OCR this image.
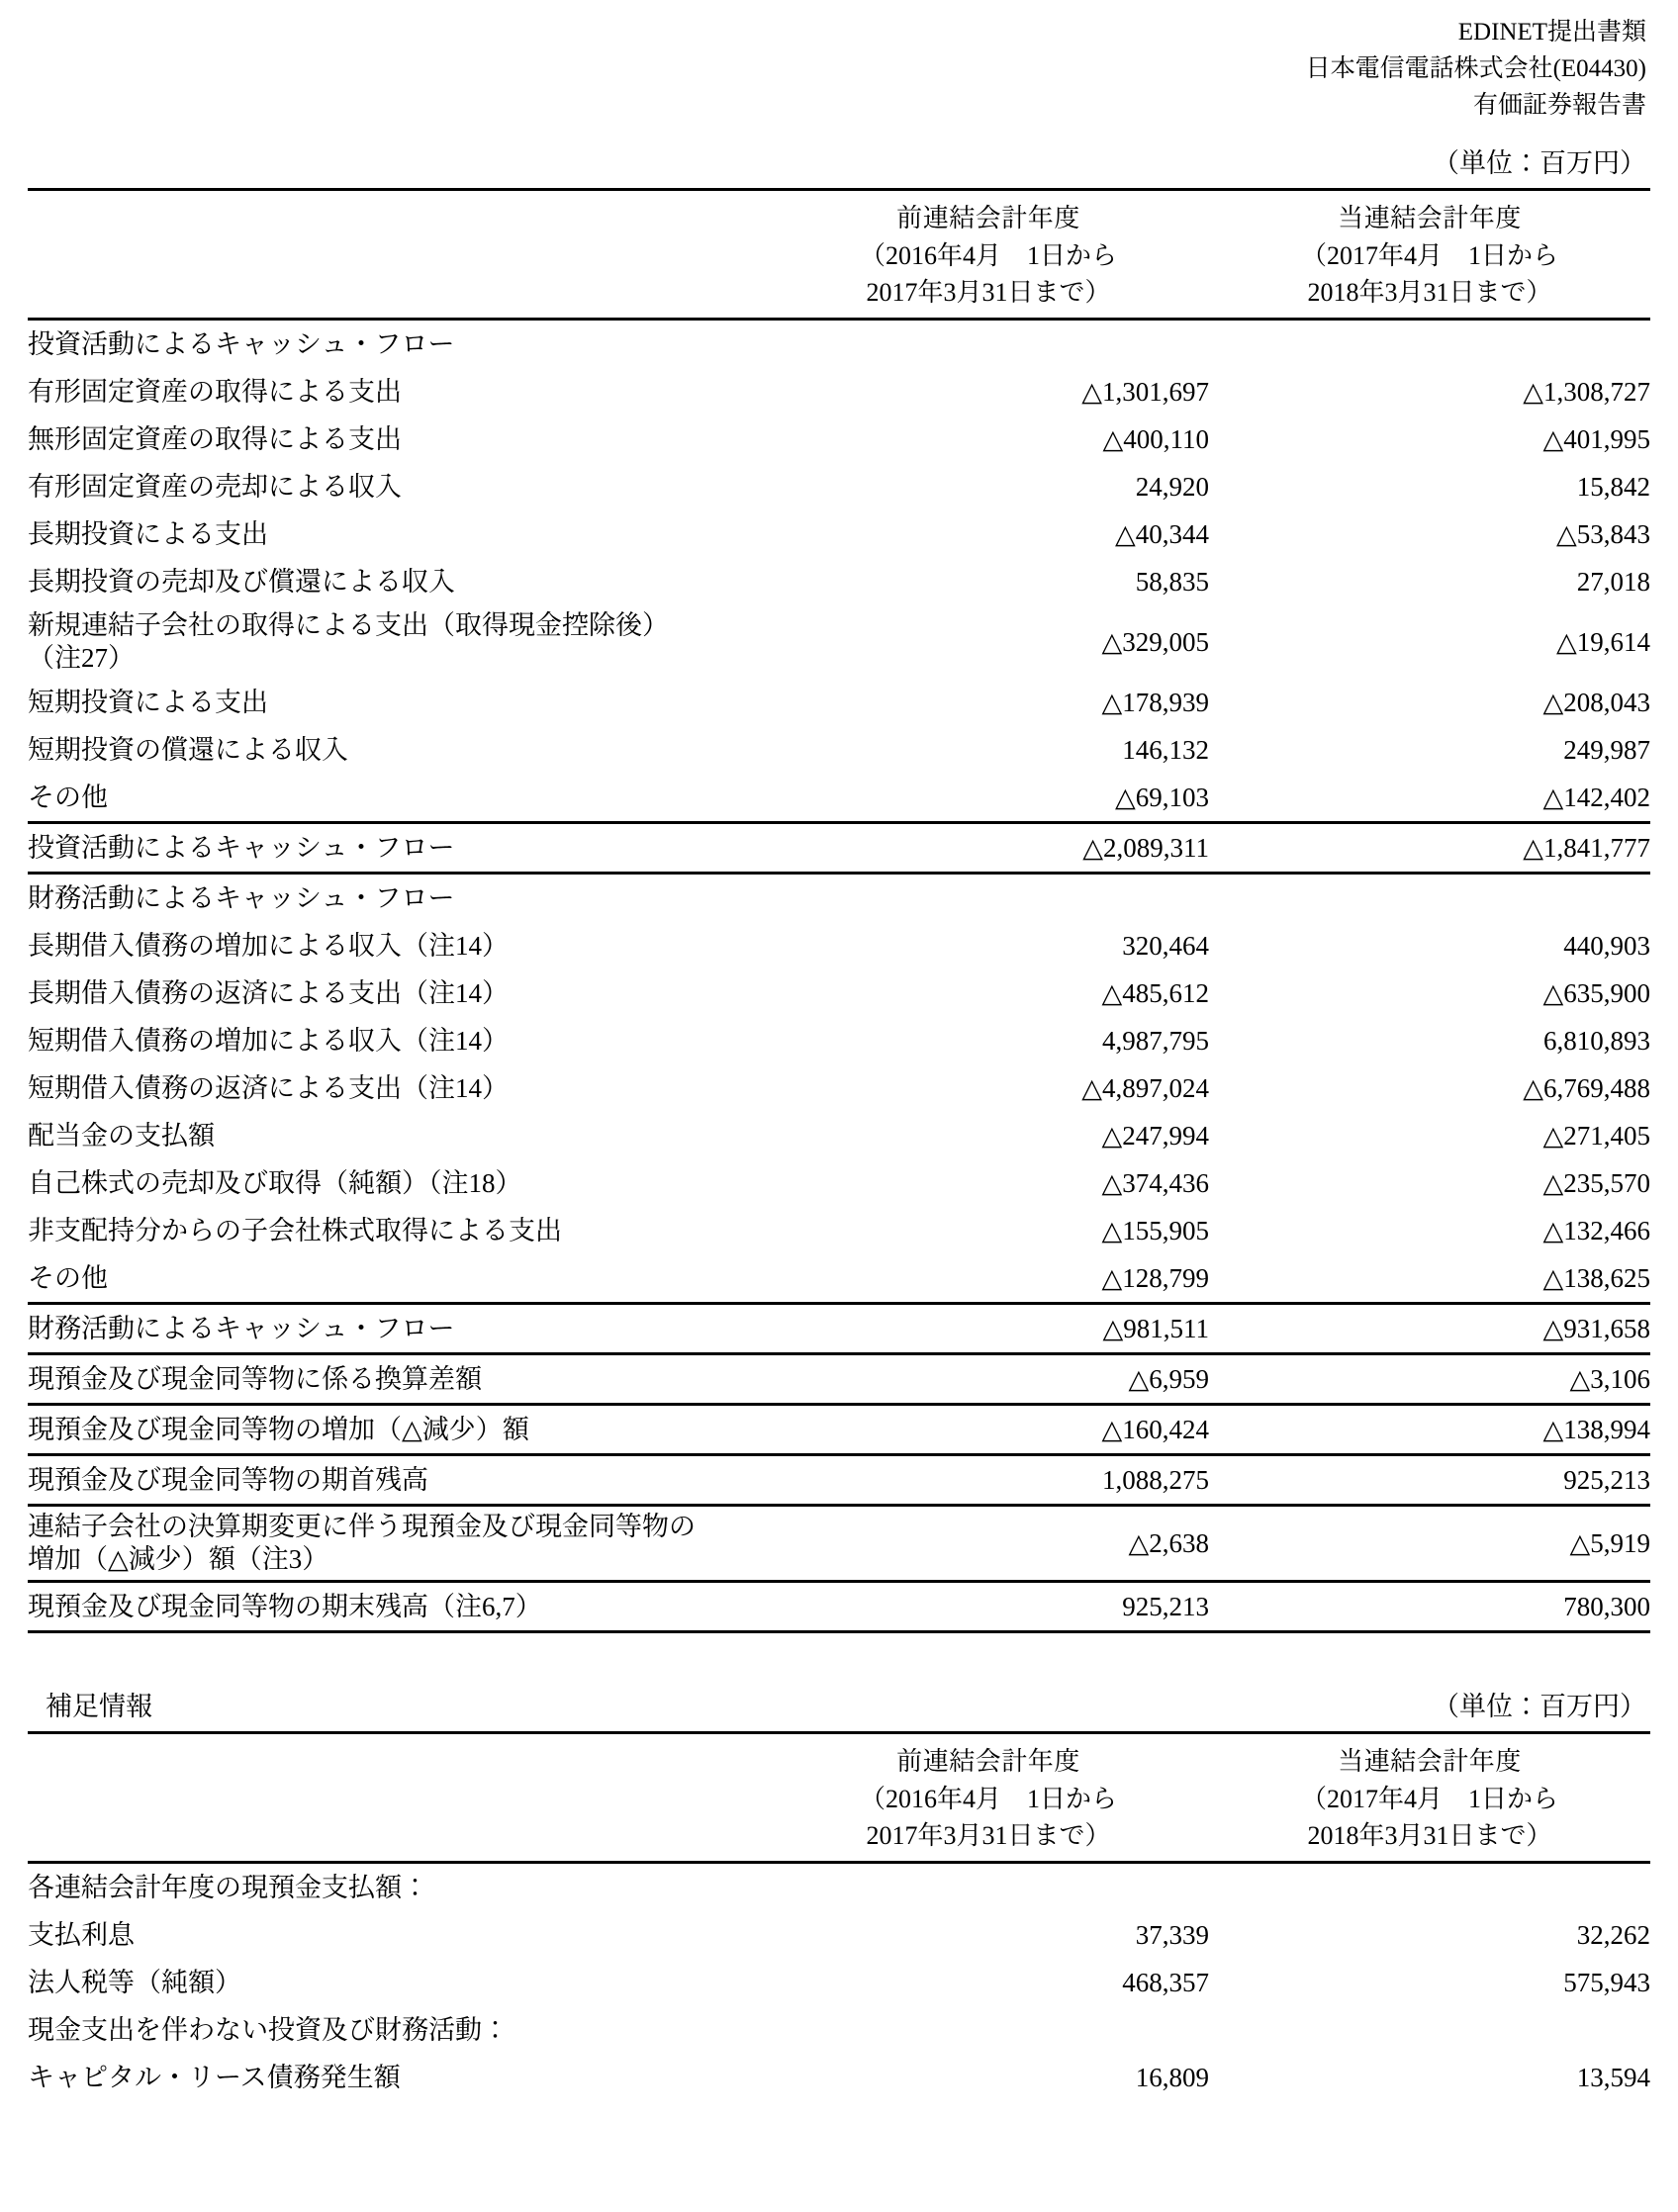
EDINET提出書類
日本電信電話株式会社(E04430)
有価証券報告書
（単位：百万円）

前連結会計年度
（2016年4月　1日から
2017年3月31日まで）

当連結会計年度
（2017年4月　1日から
2018年3月31日まで）

投資活動によるキャッシュ・フロー		
有形固定資産の取得による支出	△1,301,697	△1,308,727
無形固定資産の取得による支出	△400,110	△401,995
有形固定資産の売却による収入	24,920	15,842
長期投資による支出	△40,344	△53,843
長期投資の売却及び償還による収入	58,835	27,018
新規連結子会社の取得による支出（取得現金控除後）
（注27）	△329,005	△19,614
短期投資による支出	△178,939	△208,043
短期投資の償還による収入	146,132	249,987
その他	△69,103	△142,402
投資活動によるキャッシュ・フロー	△2,089,311	△1,841,777
財務活動によるキャッシュ・フロー		
長期借入債務の増加による収入（注14）	320,464	440,903
長期借入債務の返済による支出（注14）	△485,612	△635,900
短期借入債務の増加による収入（注14）	4,987,795	6,810,893
短期借入債務の返済による支出（注14）	△4,897,024	△6,769,488
配当金の支払額	△247,994	△271,405
自己株式の売却及び取得（純額）（注18）	△374,436	△235,570
非支配持分からの子会社株式取得による支出	△155,905	△132,466
その他	△128,799	△138,625
財務活動によるキャッシュ・フロー	△981,511	△931,658
現預金及び現金同等物に係る換算差額	△6,959	△3,106
現預金及び現金同等物の増加（△減少）額	△160,424	△138,994
現預金及び現金同等物の期首残高	1,088,275	925,213
連結子会社の決算期変更に伴う現預金及び現金同等物の
増加（△減少）額（注3）	△2,638	△5,919
現預金及び現金同等物の期末残高（注6,7）	925,213	780,300
補足情報	（単位：百万円）

前連結会計年度
（2016年4月　1日から
2017年3月31日まで）

当連結会計年度
（2017年4月　1日から
2018年3月31日まで）

各連結会計年度の現預金支払額：		
支払利息	37,339	32,262
法人税等（純額）	468,357	575,943
現金支出を伴わない投資及び財務活動：		
キャピタル・リース債務発生額	16,809	13,594
